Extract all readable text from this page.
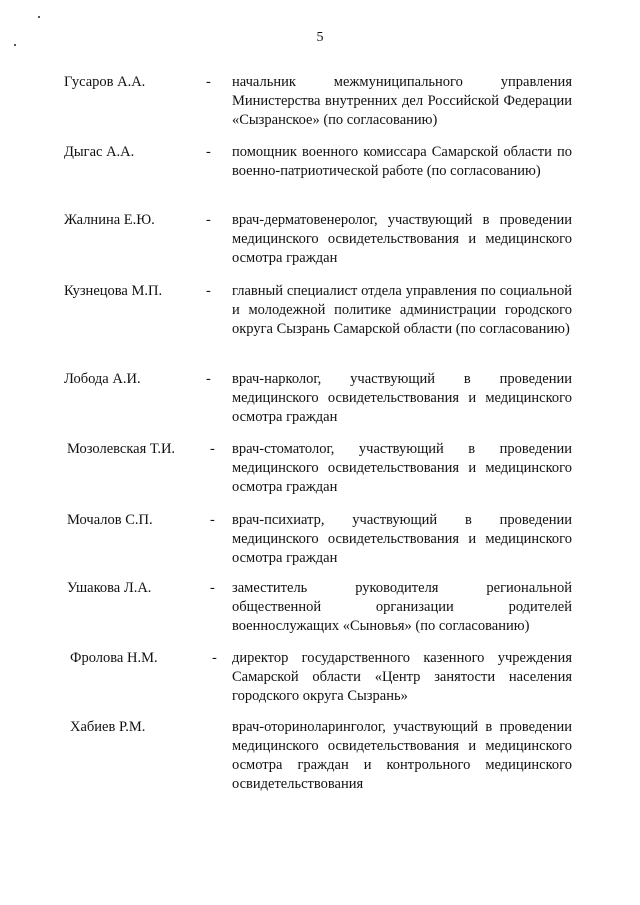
5
Гусаров А.А.	- начальник межмуниципального управления Министерства внутренних дел Российской Федерации «Сызранское» (по согласованию)
Дыгас А.А.	- помощник военного комиссара Самарской области по военно-патриотической работе (по согласованию)
Жалнина Е.Ю.	- врач-дерматовенеролог, участвующий в проведении медицинского освидетельствования и медицинского осмотра граждан
Кузнецова М.П.	- главный специалист отдела управления по социальной и молодежной политике администрации городского округа Сызрань Самарской области (по согласованию)
Лобода А.И.	- врач-нарколог, участвующий в проведении медицинского освидетельствования и медицинского осмотра граждан
Мозолевская Т.И. - врач-стоматолог, участвующий в проведении медицинского освидетельствования и медицинского осмотра граждан
Мочалов С.П.	- врач-психиатр, участвующий в проведении медицинского освидетельствования и медицинского осмотра граждан
Ушакова Л.А.	- заместитель руководителя региональной общественной организации родителей военнослужащих «Сыновья» (по согласованию)
Фролова Н.М.	- директор государственного казенного учреждения Самарской области «Центр занятости населения городского округа Сызрань»
Хабиев Р.М.	врач-оториноларинголог, участвующий в проведении медицинского освидетельствования и медицинского осмотра граждан и контрольного медицинского освидетельствования
